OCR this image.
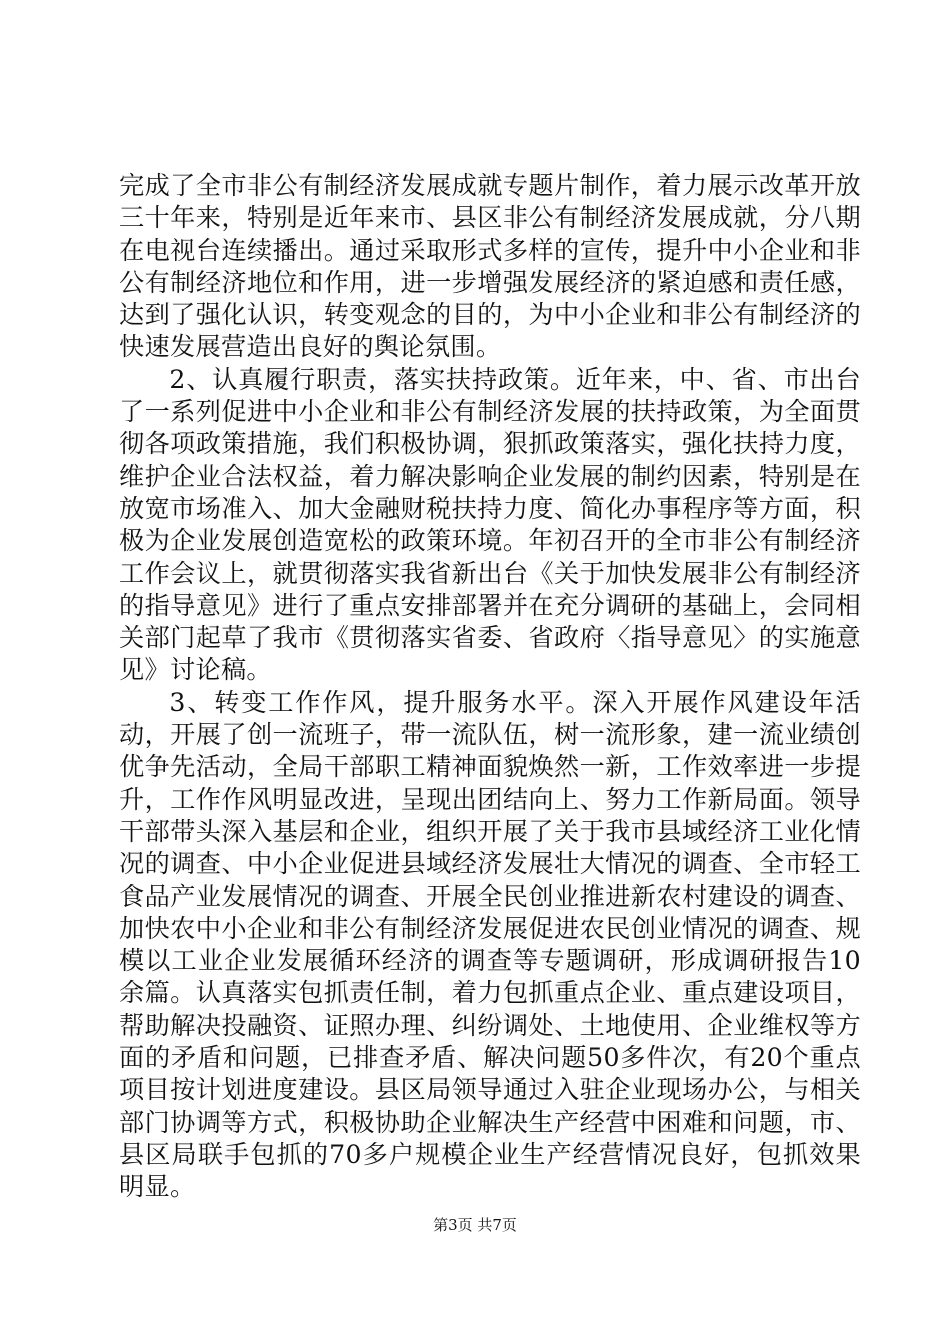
完成了全市非公有制经济发展成就专题片制作，着力展示改革开放三十年来，特别是近年来市、县区非公有制经济发展成就，分八期在电视台连续播出。通过采取形式多样的宣传，提升中小企业和非公有制经济地位和作用，进一步增强发展经济的紧迫感和责任感，达到了强化认识，转变观念的目的，为中小企业和非公有制经济的快速发展营造出良好的舆论氛围。

2、认真履行职责，落实扶持政策。近年来，中、省、市出台了一系列促进中小企业和非公有制经济发展的扶持政策，为全面贯彻各项政策措施，我们积极协调，狠抓政策落实，强化扶持力度，维护企业合法权益，着力解决影响企业发展的制约因素，特别是在放宽市场准入、加大金融财税扶持力度、简化办事程序等方面，积极为企业发展创造宽松的政策环境。年初召开的全市非公有制经济工作会议上，就贯彻落实我省新出台《关于加快发展非公有制经济的指导意见》进行了重点安排部署并在充分调研的基础上，会同相关部门起草了我市《贯彻落实省委、省政府〈指导意见〉的实施意见》讨论稿。

3、转变工作作风，提升服务水平。深入开展作风建设年活动，开展了创一流班子，带一流队伍，树一流形象，建一流业绩创优争先活动，全局干部职工精神面貌焕然一新，工作效率进一步提升，工作作风明显改进，呈现出团结向上、努力工作新局面。领导干部带头深入基层和企业，组织开展了关于我市县域经济工业化情况的调查、中小企业促进县域经济发展壮大情况的调查、全市轻工食品产业发展情况的调查、开展全民创业推进新农村建设的调查、加快农中小企业和非公有制经济发展促进农民创业情况的调查、规模以工业企业发展循环经济的调查等专题调研，形成调研报告10余篇。认真落实包抓责任制，着力包抓重点企业、重点建设项目，帮助解决投融资、证照办理、纠纷调处、土地使用、企业维权等方面的矛盾和问题，已排查矛盾、解决问题50多件次，有20个重点项目按计划进度建设。县区局领导通过入驻企业现场办公，与相关部门协调等方式，积极协助企业解决生产经营中困难和问题，市、县区局联手包抓的70多户规模企业生产经营情况良好，包抓效果明显。

第3页 共7页
